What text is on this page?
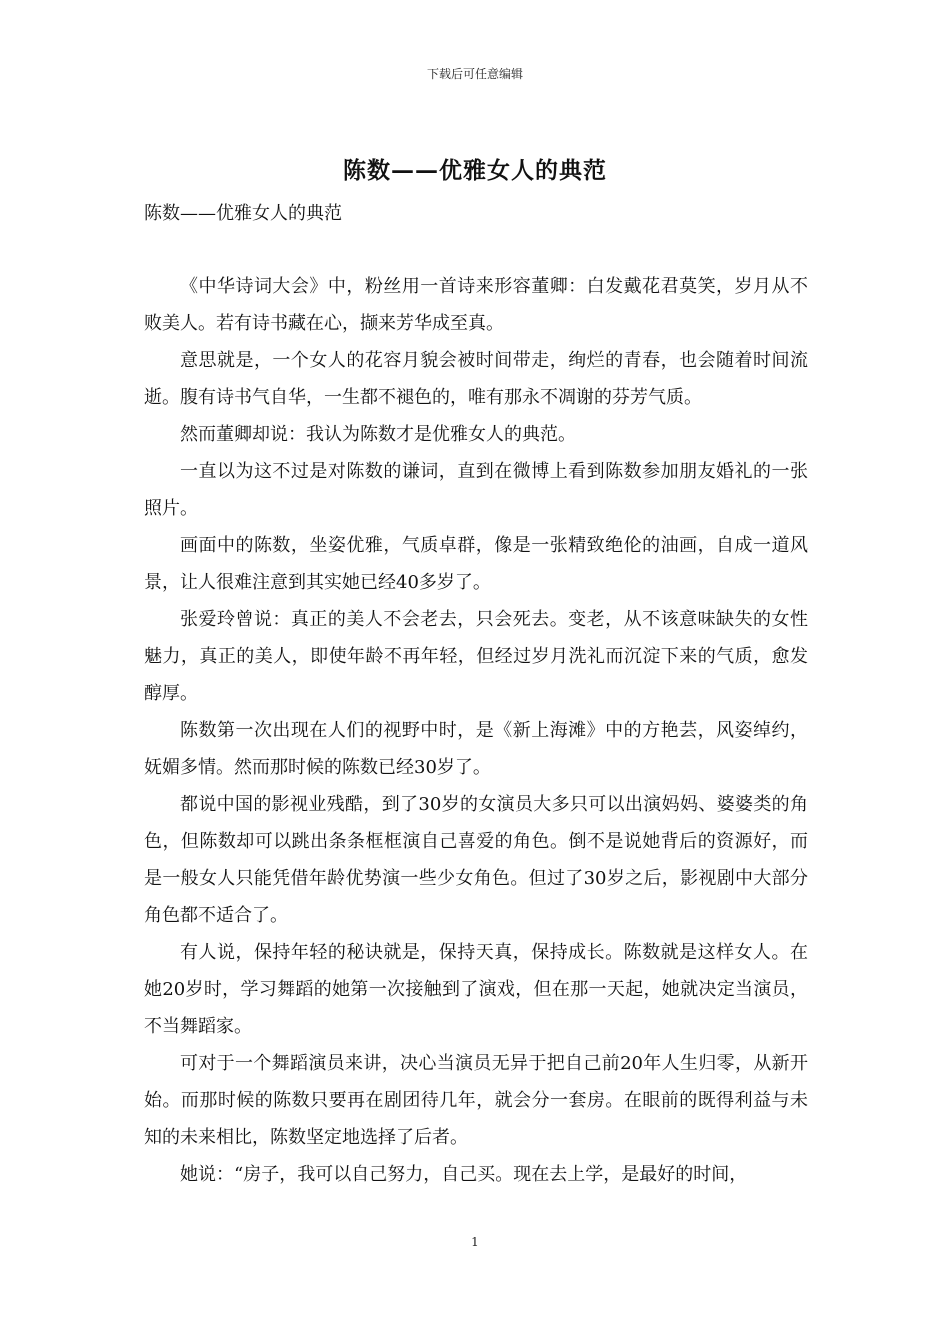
下载后可任意编辑
陈数——优雅女人的典范
陈数——优雅女人的典范

《中华诗词大会》中，粉丝用一首诗来形容董卿：白发戴花君莫笑，岁月从不败美人。若有诗书藏在心，撷来芳华成至真。

意思就是，一个女人的花容月貌会被时间带走，绚烂的青春，也会随着时间流逝。腹有诗书气自华，一生都不褪色的，唯有那永不凋谢的芬芳气质。

然而董卿却说：我认为陈数才是优雅女人的典范。

一直以为这不过是对陈数的谦词，直到在微博上看到陈数参加朋友婚礼的一张照片。

画面中的陈数，坐姿优雅，气质卓群，像是一张精致绝伦的油画，自成一道风景，让人很难注意到其实她已经40多岁了。

张爱玲曾说：真正的美人不会老去，只会死去。变老，从不该意味缺失的女性魅力，真正的美人，即使年龄不再年轻，但经过岁月洗礼而沉淀下来的气质，愈发醇厚。

陈数第一次出现在人们的视野中时，是《新上海滩》中的方艳芸，风姿绰约，妩媚多情。然而那时候的陈数已经30岁了。

都说中国的影视业残酷，到了30岁的女演员大多只可以出演妈妈、婆婆类的角色，但陈数却可以跳出条条框框演自己喜爱的角色。倒不是说她背后的资源好，而是一般女人只能凭借年龄优势演一些少女角色。但过了30岁之后，影视剧中大部分角色都不适合了。

有人说，保持年轻的秘诀就是，保持天真，保持成长。陈数就是这样女人。在她20岁时，学习舞蹈的她第一次接触到了演戏，但在那一天起，她就决定当演员，不当舞蹈家。

可对于一个舞蹈演员来讲，决心当演员无异于把自己前20年人生归零，从新开始。而那时候的陈数只要再在剧团待几年，就会分一套房。在眼前的既得利益与未知的未来相比，陈数坚定地选择了后者。

她说：“房子，我可以自己努力，自己买。现在去上学，是最好的时间，

1
